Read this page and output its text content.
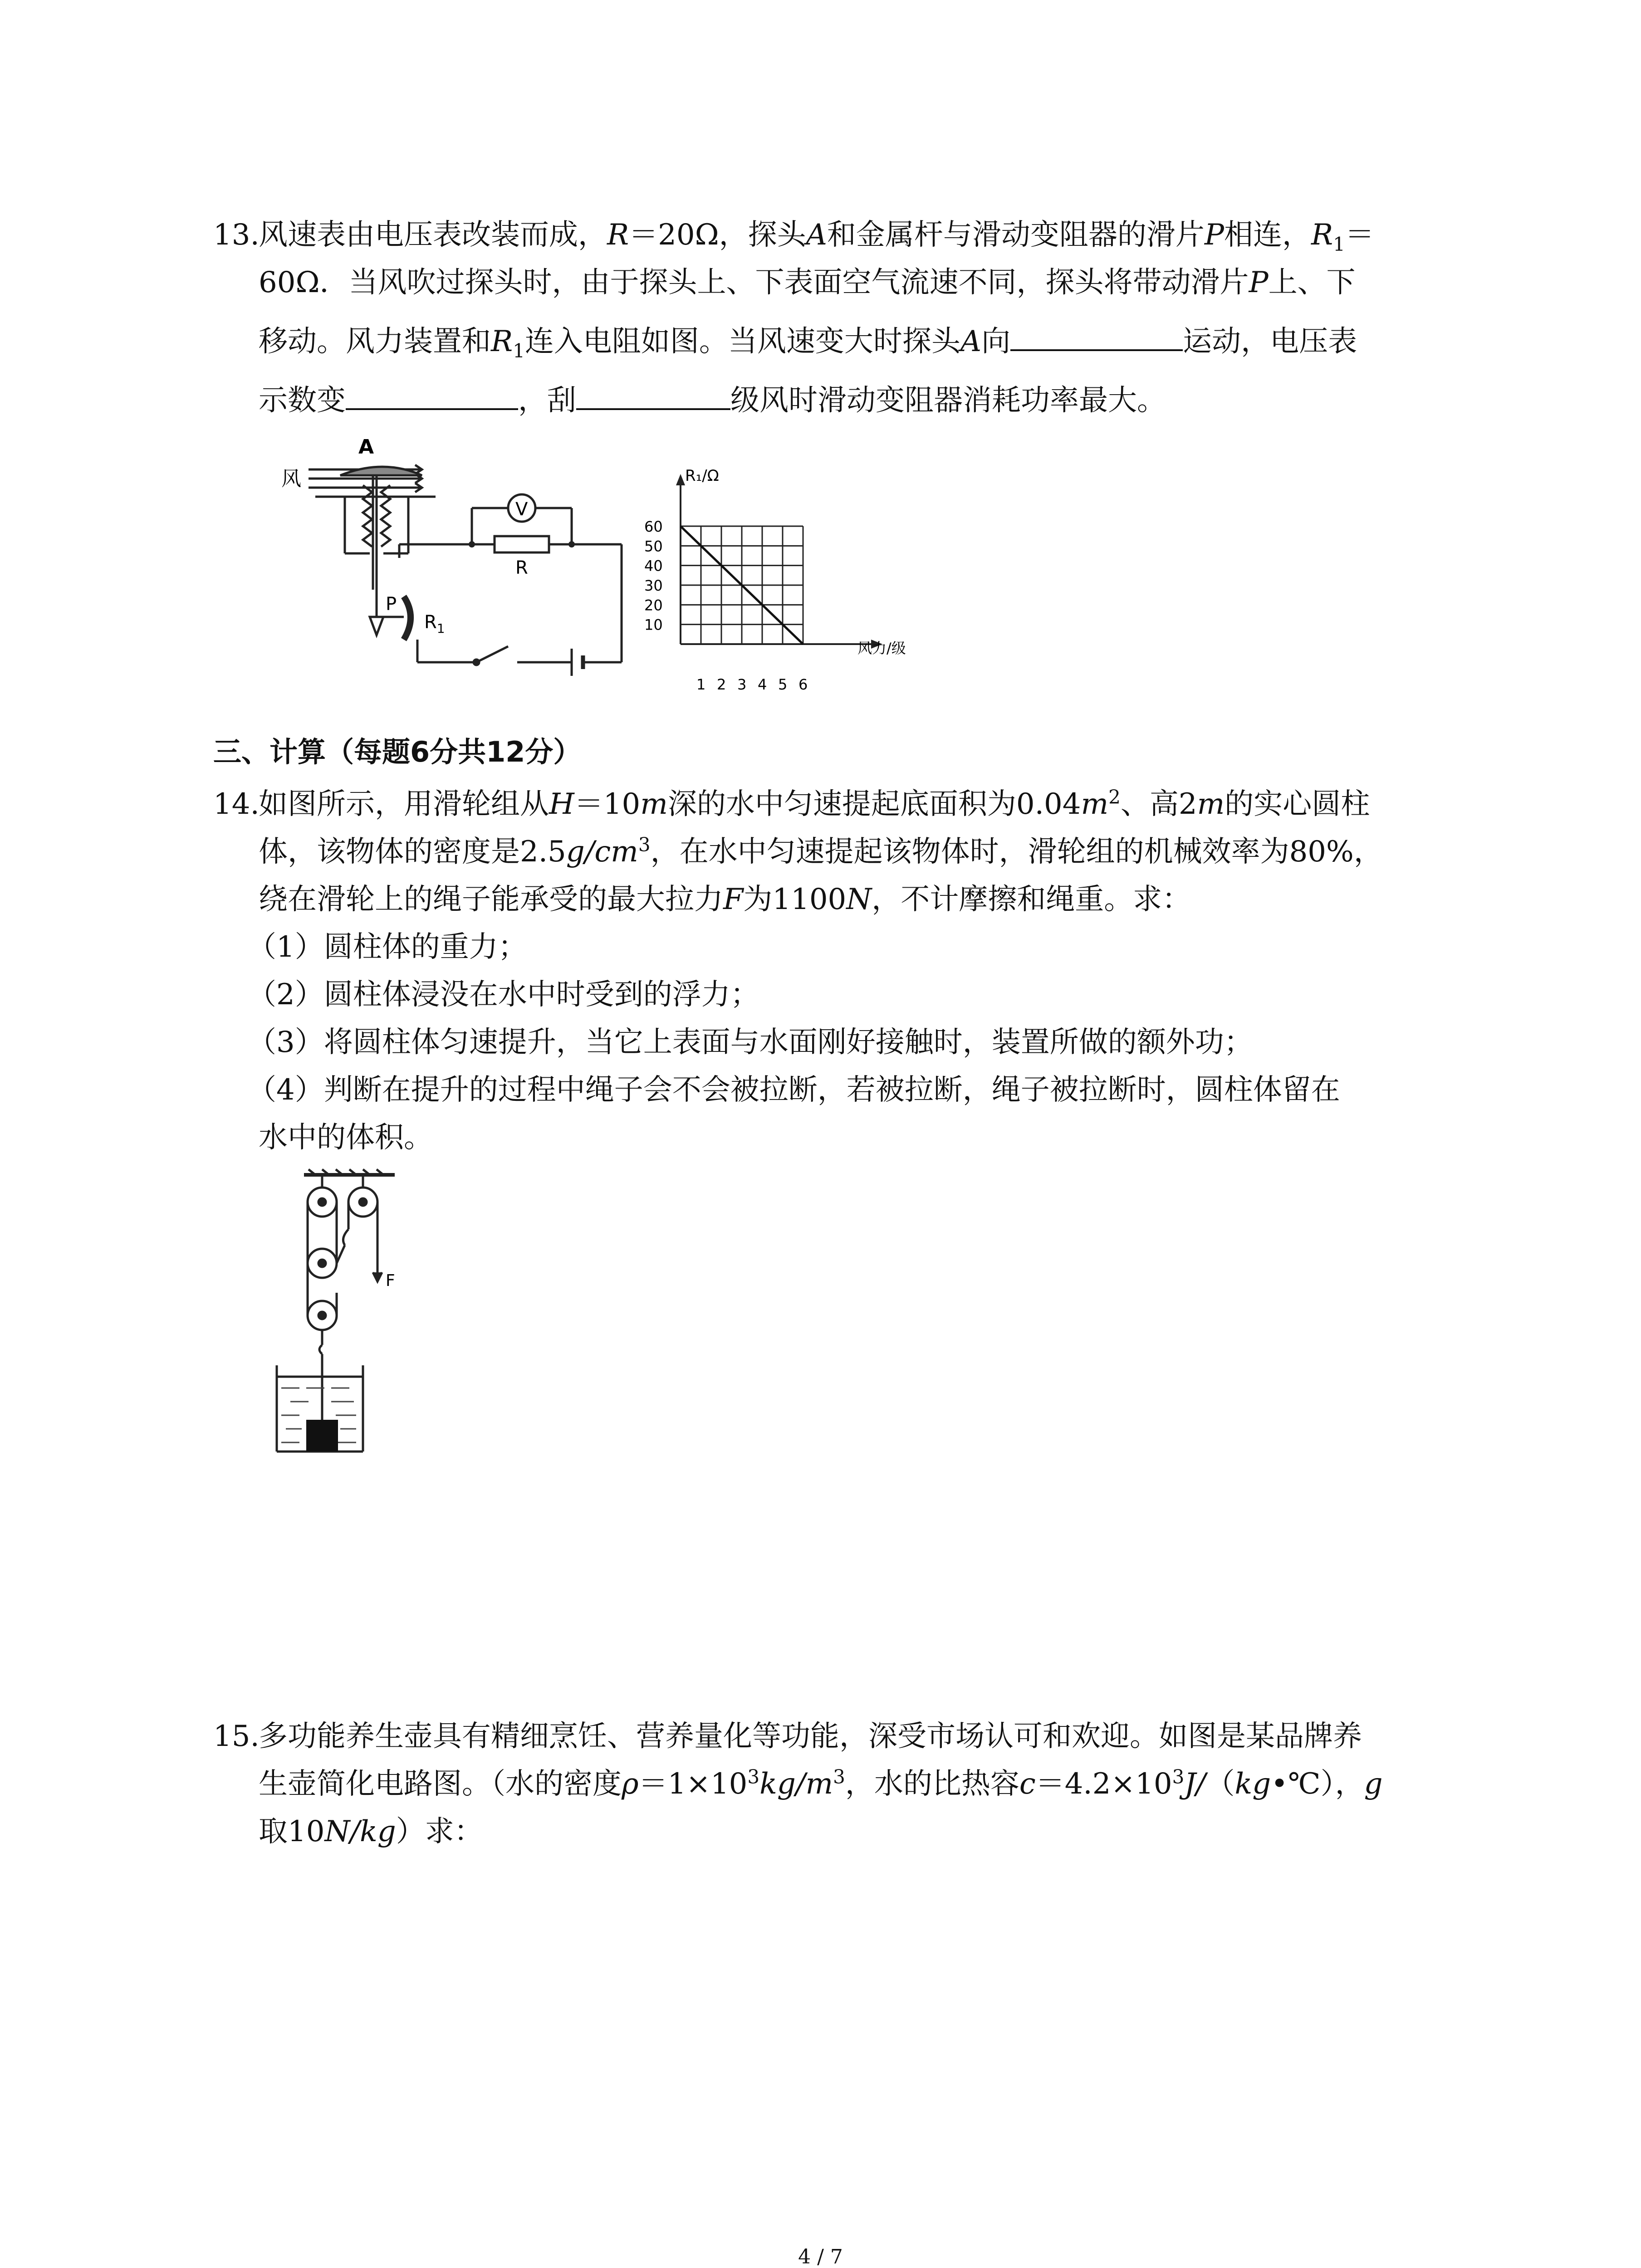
13.风速表由电压表改装而成，R＝20Ω，探头A和金属杆与滑动变阻器的滑片P相连，$R_1=$
60Ω．当风吹过探头时，由于探头上、下表面空气流速不同，探头将带动滑片P上、下
移动。风力装置和$R_1$连入电阻如图。当风速变大时探头A向	运动，电压表
示数变	，刮	级风时滑动变阻器消耗功率最大。
A
风
V
R
P
$R_1$
1 2 3 4 5 6
10
20
30
40
50
60
R₁/Ω
风力/级
三、计算（每题6分共12分）
14.如图所示，用滑轮组从H＝10m深的水中匀速提起底面积为$0.04m^2$、高2m的实心圆柱
体，该物体的密度是$2.5g/cm^3$，在水中匀速提起该物体时，滑轮组的机械效率为80%，
绕在滑轮上的绳子能承受的最大拉力F为1100N，不计摩擦和绳重。求：
（1）圆柱体的重力；
（2）圆柱体浸没在水中时受到的浮力；
（3）将圆柱体匀速提升，当它上表面与水面刚好接触时，装置所做的额外功；
（4）判断在提升的过程中绳子会不会被拉断，若被拉断，绳子被拉断时，圆柱体留在
水中的体积。
F
15.多功能养生壶具有精细烹饪、营养量化等功能，深受市场认可和欢迎。如图是某品牌养
生壶简化电路图。（水的密度$\rho=1\times 10^3kg/m^3$，水的比热容$c=4.2\times 10^3J/(kg•℃)$，g
取10N/kg）求：
4 / 7
